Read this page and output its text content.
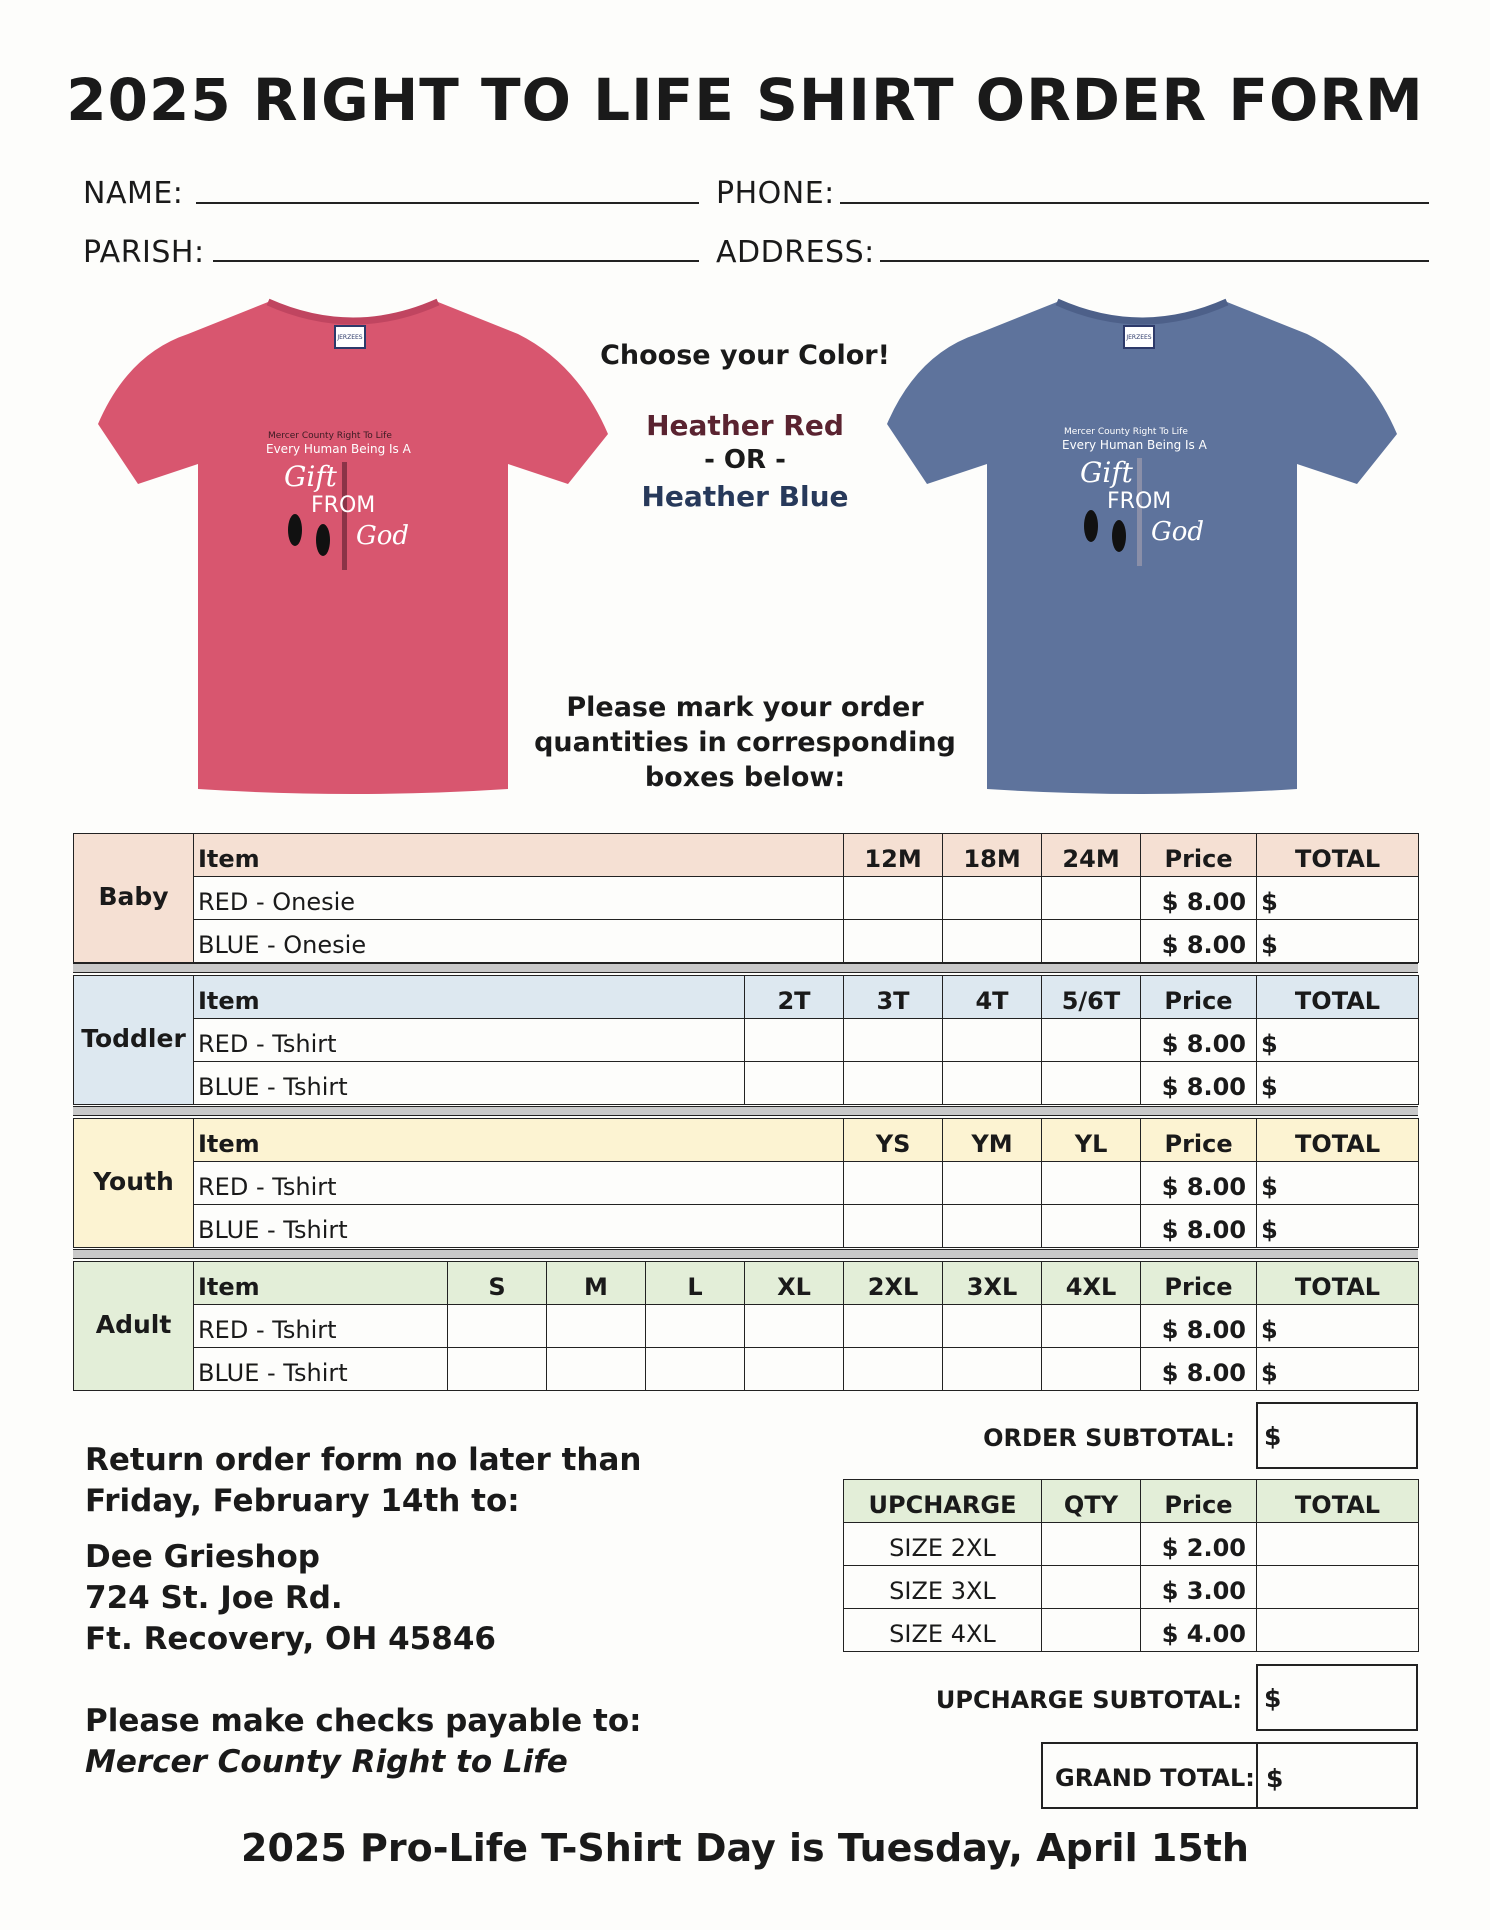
2025 RIGHT TO LIFE SHIRT ORDER FORM
NAME:	PHONE:
PARISH:	ADDRESS:
JERZEES
Mercer County Right To Life
Every Human Being Is A
Gift
FROM
God
JERZEES
Mercer County Right To Life
Every Human Being Is A
Gift
FROM
God
Choose your Color!
Heather Red
- OR -
Heather Blue
Please mark your order
quantities in corresponding
boxes below:
Baby	Item	12M	18M	24M	Price	TOTAL
	RED - Onesie				$ 8.00	$
	BLUE - Onesie				$ 8.00	$
Toddler	Item	2T	3T	4T	5/6T	Price	TOTAL
	RED - Tshirt					$ 8.00	$
	BLUE - Tshirt					$ 8.00	$
Youth	Item	YS	YM	YL	Price	TOTAL
	RED - Tshirt				$ 8.00	$
	BLUE - Tshirt				$ 8.00	$
Adult	Item	S	M	L	XL	2XL	3XL	4XL	Price	TOTAL
	RED - Tshirt								$ 8.00	$
	BLUE - Tshirt								$ 8.00	$
ORDER SUBTOTAL:	$
UPCHARGE	QTY	Price	TOTAL
SIZE 2XL		$ 2.00	
SIZE 3XL		$ 3.00	
SIZE 4XL		$ 4.00	
UPCHARGE SUBTOTAL: $
GRAND TOTAL: $
Return order form no later than
Friday, February 14th to:
Dee Grieshop
724 St. Joe Rd.
Ft. Recovery, OH 45846
Please make checks payable to:
Mercer County Right to Life
2025 Pro-Life T-Shirt Day is Tuesday, April 15th
